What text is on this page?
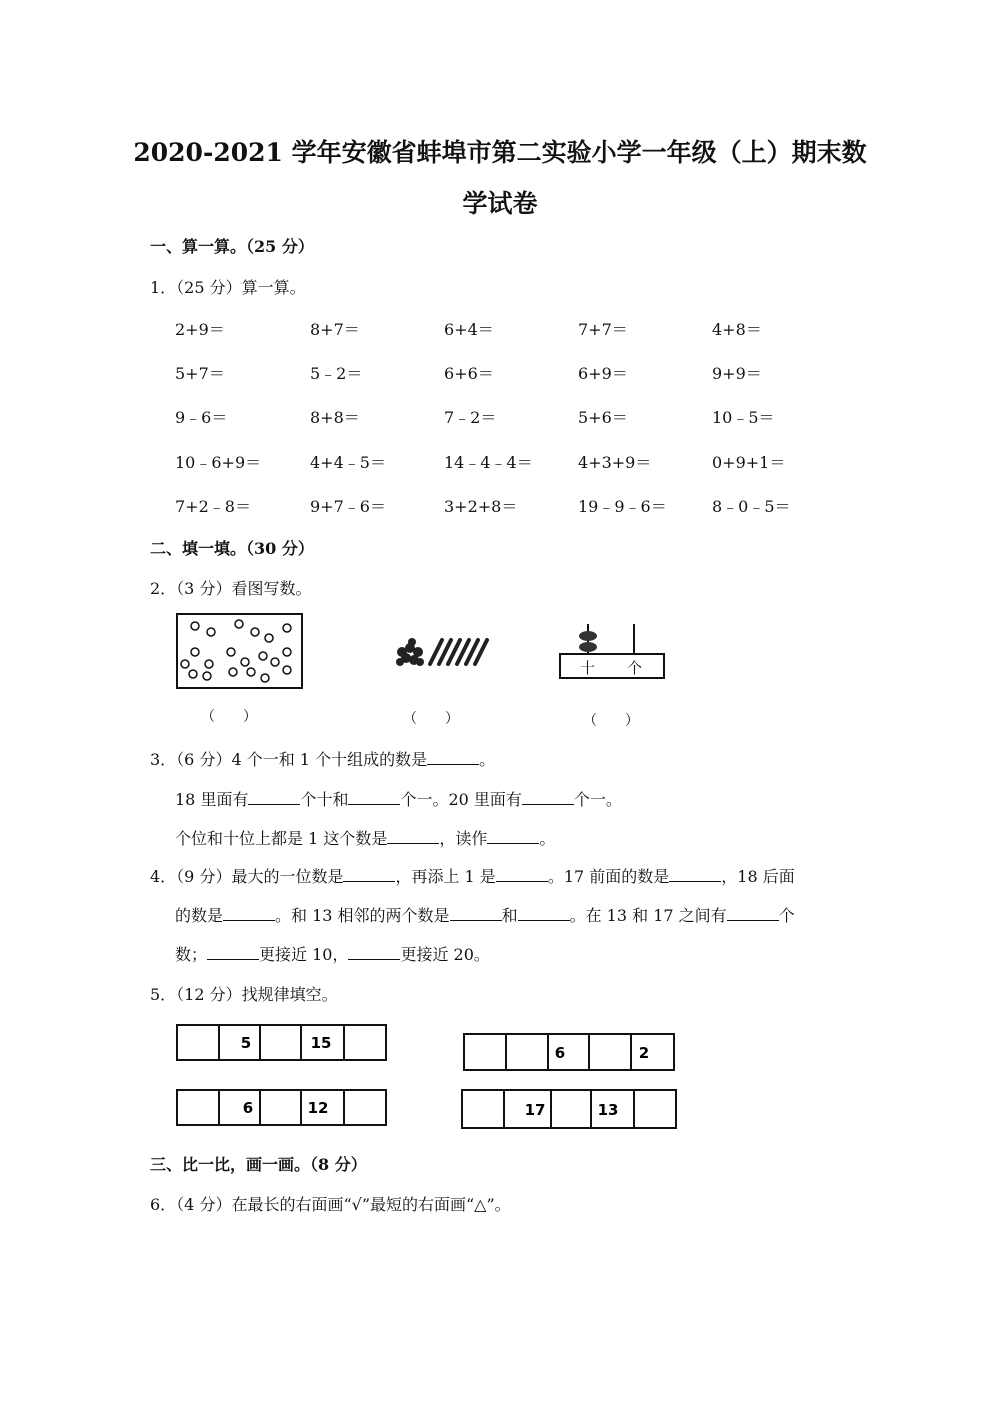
2020-2021 学年安徽省蚌埠市第二实验小学一年级（上）期末数
学试卷
一、算一算。（25 分）
1．（25 分）算一算。
2+9＝	8+7＝	6+4＝	7+7＝	4+8＝
5+7＝	5﹣2＝	6+6＝	6+9＝	9+9＝
9﹣6＝	8+8＝	7﹣2＝	5+6＝	10﹣5＝
10﹣6+9＝	4+4﹣5＝	14﹣4﹣4＝	4+3+9＝	0+9+1＝
7+2﹣8＝	9+7﹣6＝	3+2+8＝	19﹣9﹣6＝	8﹣0﹣5＝
二、填一填。（30 分）
2．（3 分）看图写数。
（　　）	（　　）
十 个
（　　）
3．（6 分）4 个一和 1 个十组成的数是	。
18 里面有	个十和	个一。20 里面有	个一。
个位和十位上都是 1 这个数是	，读作	。
4．（9 分）最大的一位数是	，再添上 1 是	。17 前面的数是	，18 后面
的数是	。和 13 相邻的两个数是	和	。在 13 和 17 之间有	个
数；	更接近 10，	更接近 20。
5．（12 分）找规律填空。
5	15
6	2
6	12	17	13
三、比一比，画一画。（8 分）
6．（4 分）在最长的右面画“√”最短的右面画“△”。
